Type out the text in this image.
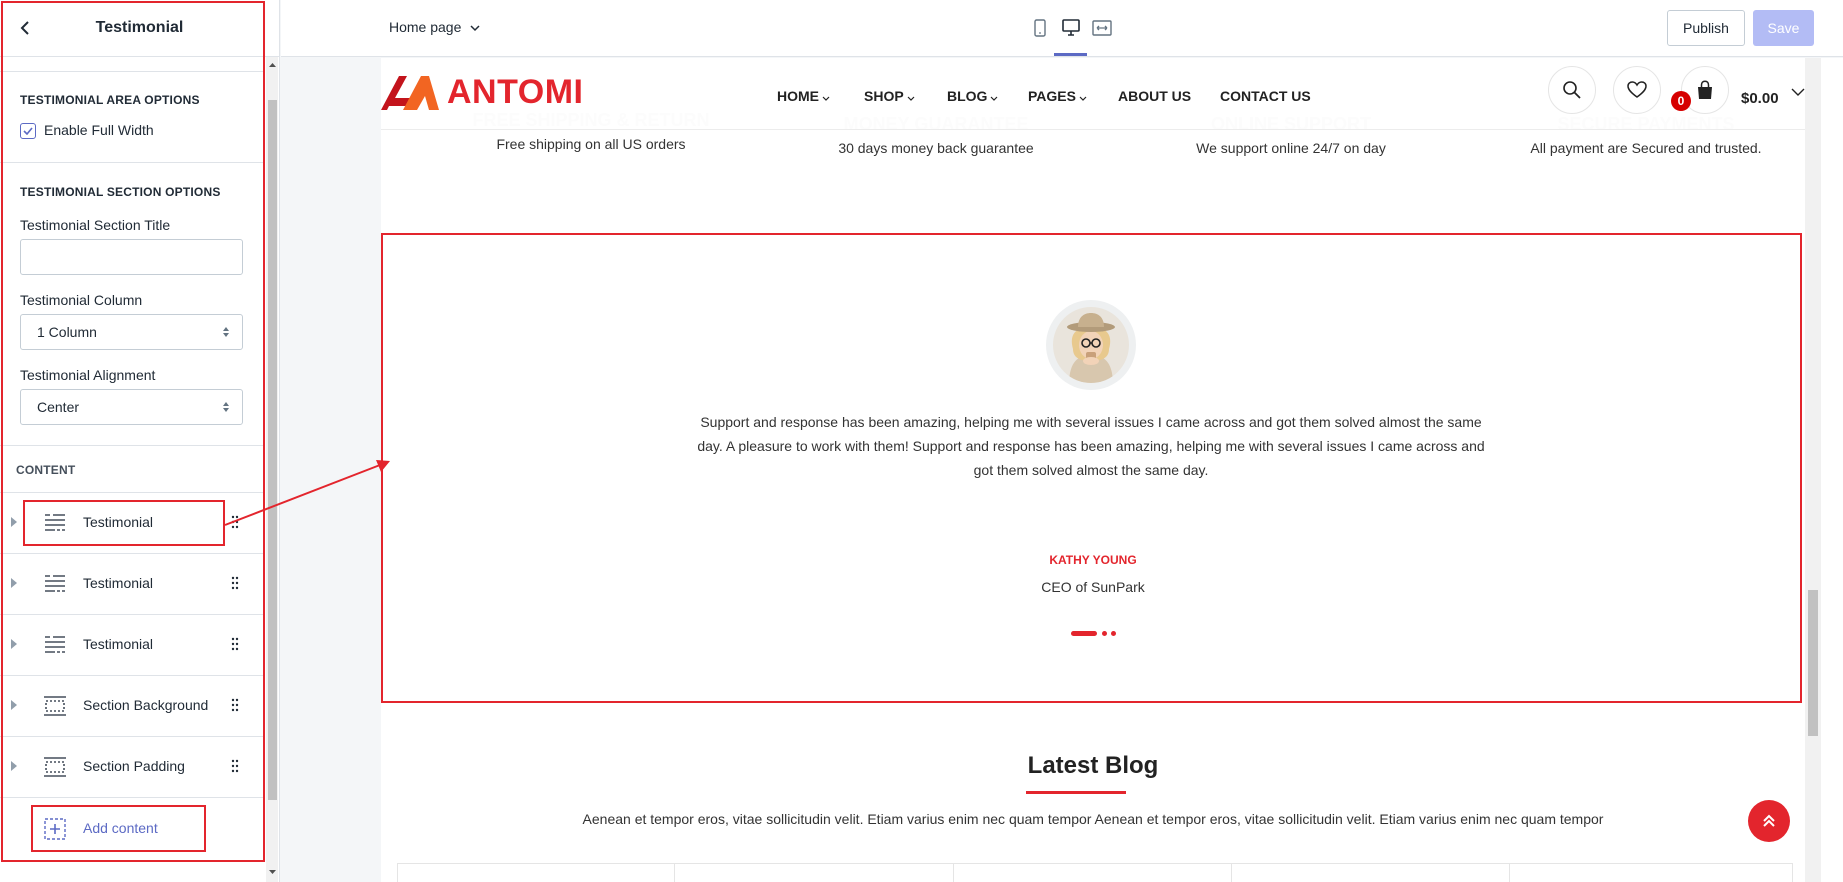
Testimonial
TESTIMONIAL AREA OPTIONS
Enable Full Width
TESTIMONIAL SECTION OPTIONS
Testimonial Section Title
Testimonial Column
1 Column
Testimonial Alignment
Center
CONTENT
Testimonial
Testimonial
Testimonial
Section Background
Section Padding
Add content
Home page	Publish	Save
Free shipping on all US orders	30 days money back guarantee	We support online 24/7 on day	All payment are Secured and trusted.
ANTOMI	HOME	SHOP	BLOG	PAGES	ABOUT US CONTACT US	0	$0.00
Support and response has been amazing, helping me with several issues I came across and got them solved almost the same day. A pleasure to work with them! Support and response has been amazing, helping me with several issues I came across and got them solved almost the same day.
KATHY YOUNG
CEO of SunPark
Latest Blog
Aenean et tempor eros, vitae sollicitudin velit. Etiam varius enim nec quam tempor Aenean et tempor eros, vitae sollicitudin velit. Etiam varius enim nec quam tempor
